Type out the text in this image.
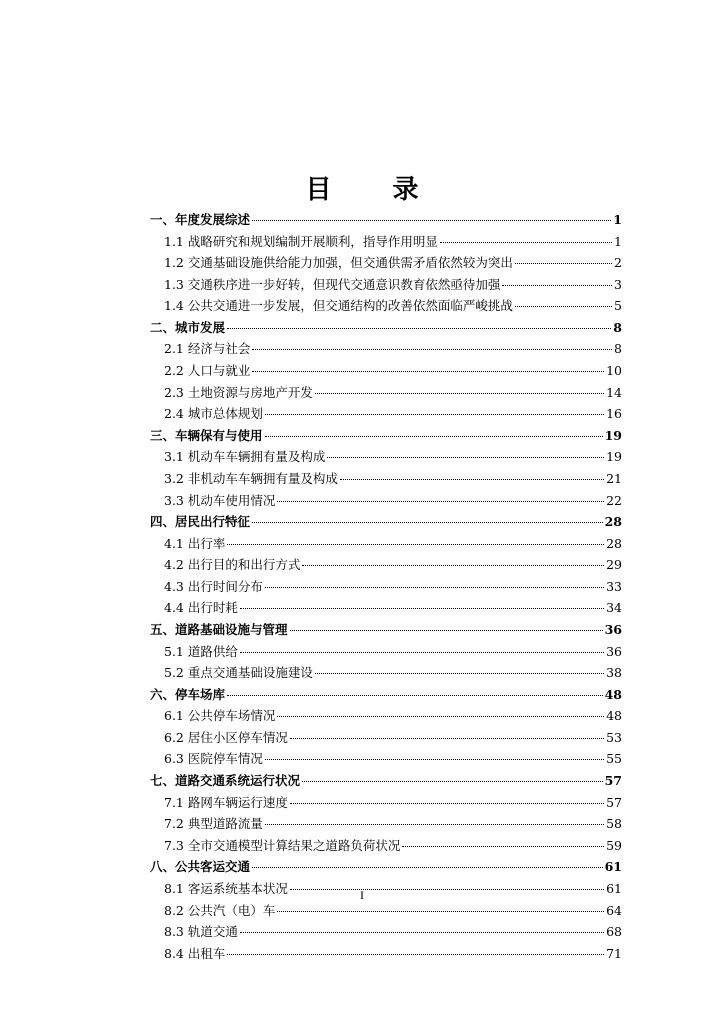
目 录
一、年度发展综述	1
1.1 战略研究和规划编制开展顺利，指导作用明显	1
1.2 交通基础设施供给能力加强，但交通供需矛盾依然较为突出	2
1.3 交通秩序进一步好转，但现代交通意识教育依然亟待加强	3
1.4 公共交通进一步发展，但交通结构的改善依然面临严峻挑战	5
二、城市发展	8
2.1 经济与社会	8
2.2 人口与就业	10
2.3 土地资源与房地产开发	14
2.4 城市总体规划	16
三、车辆保有与使用	19
3.1 机动车车辆拥有量及构成	19
3.2 非机动车车辆拥有量及构成	21
3.3 机动车使用情况	22
四、居民出行特征	28
4.1 出行率	28
4.2 出行目的和出行方式	29
4.3 出行时间分布	33
4.4 出行时耗	34
五、道路基础设施与管理	36
5.1 道路供给	36
5.2 重点交通基础设施建设	38
六、停车场库	48
6.1 公共停车场情况	48
6.2 居住小区停车情况	53
6.3 医院停车情况	55
七、道路交通系统运行状况	57
7.1 路网车辆运行速度	57
7.2 典型道路流量	58
7.3 全市交通模型计算结果之道路负荷状况	59
八、公共客运交通	61
8.1 客运系统基本状况	61
8.2 公共汽（电）车	64
8.3 轨道交通	68
8.4 出租车	71
I
